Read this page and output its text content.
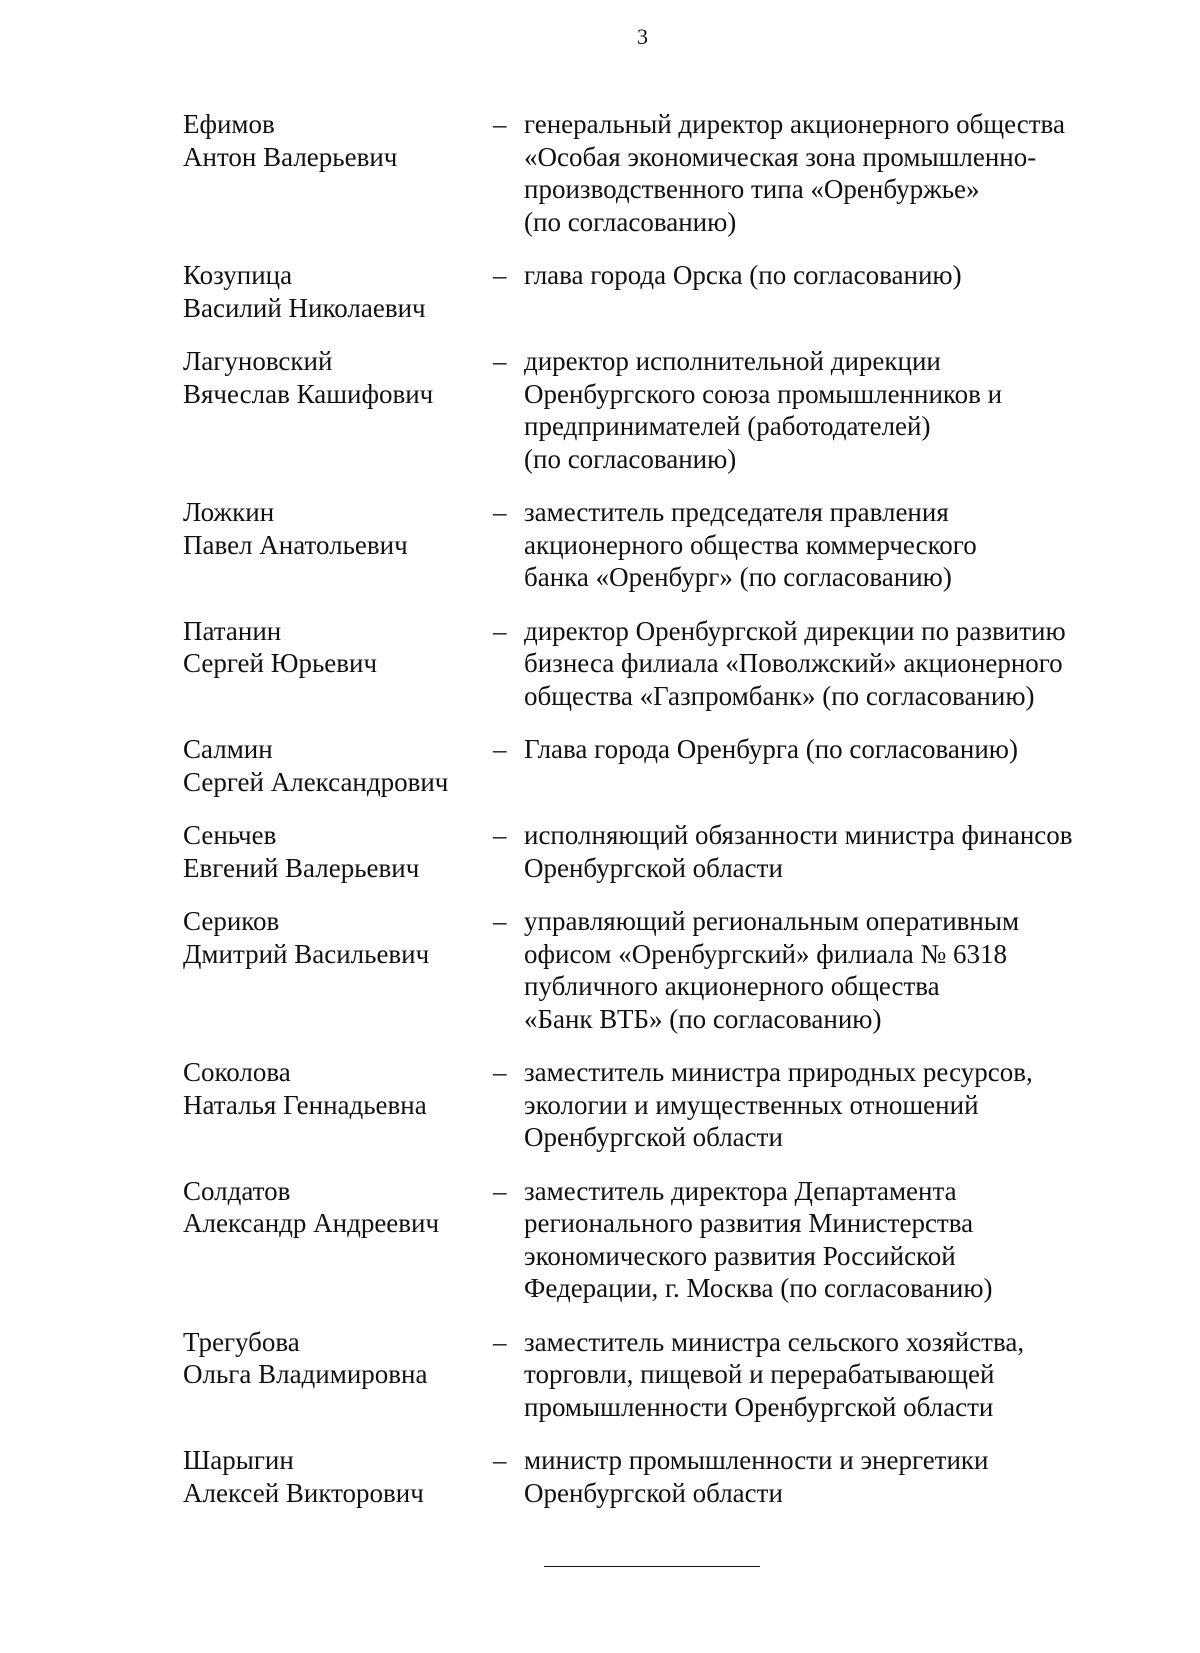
3
Ефимов
Антон Валерьевич
– генеральный директор акционерного общества
«Особая экономическая зона промышленно-
производственного типа «Оренбуржье»
(по согласованию)
Козупица
Василий Николаевич
– глава города Орска (по согласованию)
Лагуновский
Вячеслав Кашифович
– директор исполнительной дирекции
Оренбургского союза промышленников и
предпринимателей (работодателей)
(по согласованию)
Ложкин
Павел Анатольевич
– заместитель председателя правления
акционерного общества коммерческого
банка «Оренбург» (по согласованию)
Патанин
Сергей Юрьевич
– директор Оренбургской дирекции по развитию
бизнеса филиала «Поволжский» акционерного
общества «Газпромбанк» (по согласованию)
Салмин
Сергей Александрович
– Глава города Оренбурга (по согласованию)
Сеньчев
Евгений Валерьевич
– исполняющий обязанности министра финансов
Оренбургской области
Сериков
Дмитрий Васильевич
– управляющий региональным оперативным
офисом «Оренбургский» филиала № 6318
публичного акционерного общества
«Банк ВТБ» (по согласованию)
Соколова
Наталья Геннадьевна
– заместитель министра природных ресурсов,
экологии и имущественных отношений
Оренбургской области
Солдатов
Александр Андреевич
– заместитель директора Департамента
регионального развития Министерства
экономического развития Российской
Федерации, г. Москва (по согласованию)
Трегубова
Ольга Владимировна
– заместитель министра сельского хозяйства,
торговли, пищевой и перерабатывающей
промышленности Оренбургской области
Шарыгин
Алексей Викторович
– министр промышленности и энергетики
Оренбургской области
